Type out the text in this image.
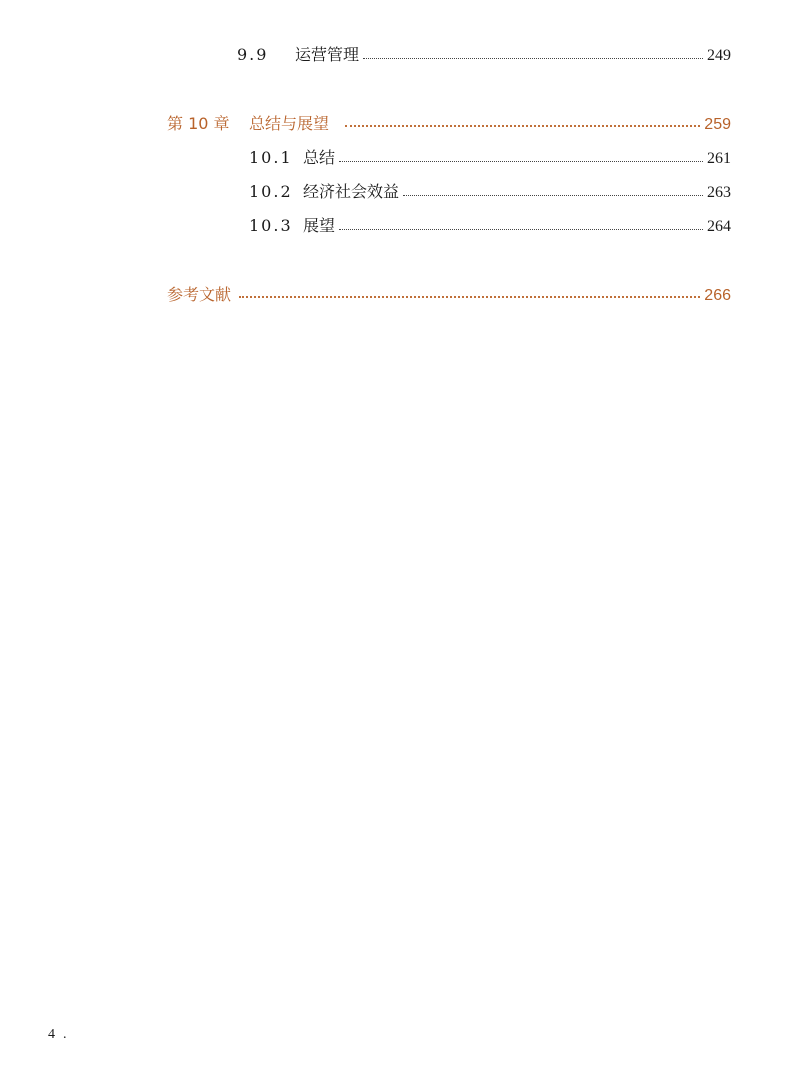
9.9	运营管理	249
第 10 章	总结与展望	259
10.1 总结	261
10.2 经济社会效益	263
10.3 展望	264
参考文献	266
4.
